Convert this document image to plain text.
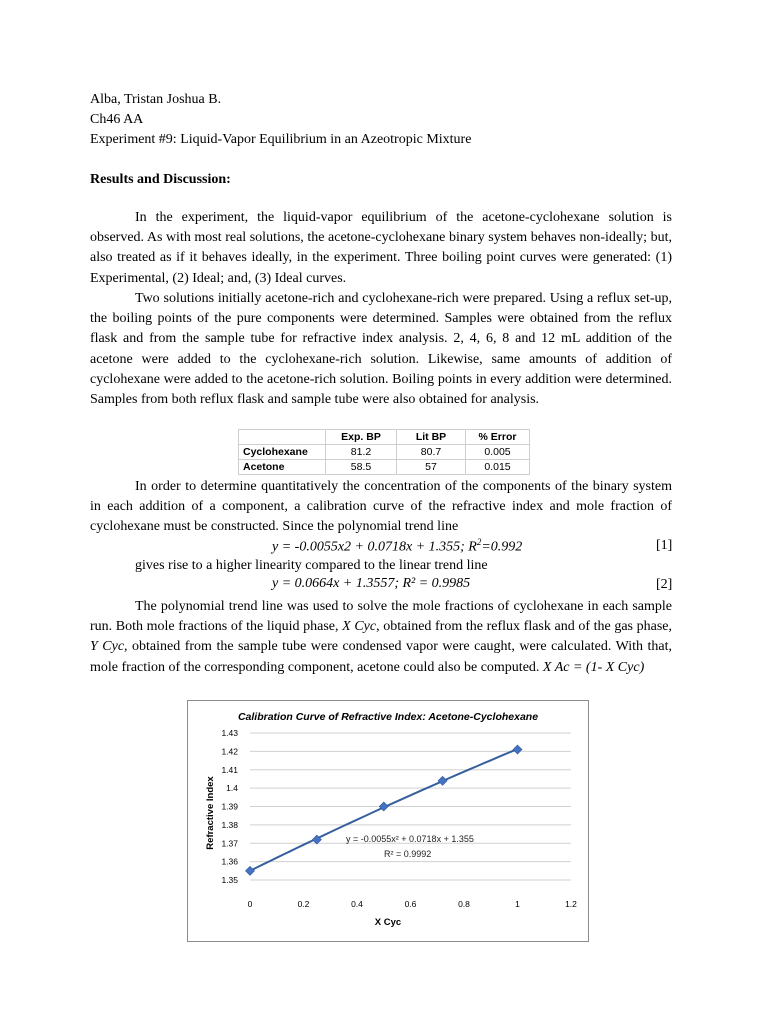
Alba, Tristan Joshua B.
Ch46 AA
Experiment #9: Liquid-Vapor Equilibrium in an Azeotropic Mixture
Results and Discussion:
In the experiment, the liquid-vapor equilibrium of the acetone-cyclohexane solution is observed. As with most real solutions, the acetone-cyclohexane binary system behaves non-ideally; but, also treated as if it behaves ideally, in the experiment. Three boiling point curves were generated: (1) Experimental, (2) Ideal; and, (3) Ideal curves.
Two solutions initially acetone-rich and cyclohexane-rich were prepared. Using a reflux set-up, the boiling points of the pure components were determined. Samples were obtained from the reflux flask and from the sample tube for refractive index analysis. 2, 4, 6, 8 and 12 mL addition of the acetone were added to the cyclohexane-rich solution. Likewise, same amounts of addition of cyclohexane were added to the acetone-rich solution. Boiling points in every addition were determined. Samples from both reflux flask and sample tube were also obtained for analysis.
	Exp. BP	Lit BP	% Error
Cyclohexane	81.2	80.7	0.005
Acetone	58.5	57	0.015
In order to determine quantitatively the concentration of the components of the binary system in each addition of a component, a calibration curve of the refractive index and mole fraction of cyclohexane must be constructed. Since the polynomial trend line
y = -0.0055x2 + 0.0718x + 1.355; $R^2=0.992$	[1]
gives rise to a higher linearity compared to the linear trend line
y = 0.0664x + 1.3557; R² = 0.9985	[2]
The polynomial trend line was used to solve the mole fractions of cyclohexane in each sample run. Both mole fractions of the liquid phase, X Cyc, obtained from the reflux flask and of the gas phase, Y Cyc, obtained from the sample tube were condensed vapor were caught, were calculated. With that, mole fraction of the corresponding component, acetone could also be computed. X Ac = (1- X Cyc)
Calibration Curve of Refractive Index: Acetone-Cyclohexane
1.35
1.36
1.37
1.38
1.39
1.4
1.41
1.42
1.43
0	0.2	0.4	0.6	0.8	1	1.2
y = -0.0055x² + 0.0718x + 1.355
R² = 0.9992
X Cyc
Refractive Index
